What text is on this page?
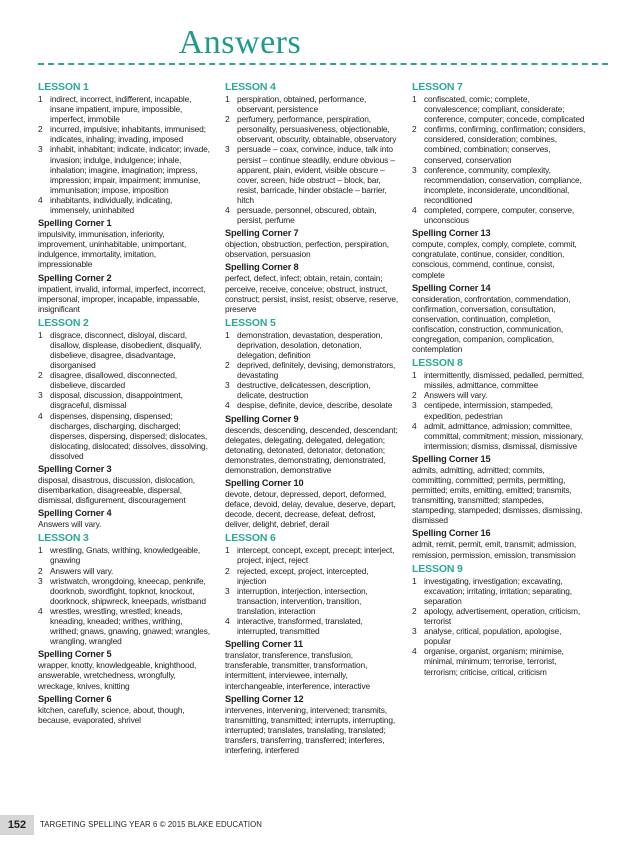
Answers
LESSON 1
1 indirect, incorrect, indifferent, incapable, insane impatient, impure, impossible, imperfect, immobile
2 incurred, impulsive; inhabitants, immunised; indicates, inhaling; invading, imposed
3 inhabit, inhabitant; indicate, indicator; invade, invasion; indulge, indulgence; inhale, inhalation; imagine, imagination; impress, impression; impair, impairment; immunise, immunisation; impose, imposition
4 inhabitants, individually, indicating, immensely, uninhabited
Spelling Corner 1
impulsivity, immunisation, inferiority, improvement, uninhabitable, unimportant, indulgence, immortality, imitation, impressionable
Spelling Corner 2
impatient, invalid, informal, imperfect, incorrect, impersonal, improper, incapable, impassable, insignificant
LESSON 2
1 disgrace, disconnect, disloyal, discard, disallow, displease, disobedient, disqualify, disbelieve, disagree, disadvantage, disorganised
2 disagree, disallowed, disconnected, disbelieve, discarded
3 disposal, discussion, disappointment, disgraceful, dismissal
4 dispenses, dispensing, dispensed; discharges, discharging, discharged; disperses, dispersing, dispersed; dislocates, dislocating, dislocated; dissolves, dissolving, dissolved
Spelling Corner 3
disposal, disastrous, discussion, dislocation, disembarkation, disagreeable, dispersal, dismissal, disfigurement, discouragement
Spelling Corner 4
Answers will vary.
LESSON 3
1 wrestling, Gnats, writhing, knowledgeable, gnawing
2 Answers will vary.
3 wristwatch, wrongdoing, kneecap, penknife, doorknob, swordfight, topknot, knockout, doorknock, shipwreck, kneepads, wristband
4 wrestles, wrestling, wrestled; kneads, kneading, kneaded; writhes, writhing, writhed; gnaws, gnawing, gnawed; wrangles, wrangling, wrangled
Spelling Corner 5
wrapper, knotty, knowledgeable, knighthood, answerable, wretchedness, wrongfully, wreckage, knives, knitting
Spelling Corner 6
kitchen, carefully, science, about, though, because, evaporated, shrivel
LESSON 4
1 perspiration, obtained, performance, observant, persistence
2 perfumery, performance, perspiration, personality, persuasiveness, objectionable, observant, obscurity, obtainable, observatory
3 persuade – coax, convince, induce, talk into persist – continue steadily, endure obvious – apparent, plain, evident, visible obscure – cover, screen, hide obstruct – block, bar, resist, barricade, hinder obstacle – barrier, hitch
4 persuade, personnel, obscured, obtain, persist, perfume
Spelling Corner 7
objection, obstruction, perfection, perspiration, observation, persuasion
Spelling Corner 8
perfect, defect, infect; obtain, retain, contain; perceive, receive, conceive; obstruct, instruct, construct; persist, insist, resist; observe, reserve, preserve
LESSON 5
1 demonstration, devastation, desperation, deprivation, desolation, detonation, delegation, definition
2 deprived, definitely, devising, demonstrators, devastating
3 destructive, delicatessen, description, delicate, destruction
4 despise, definite, device, describe, desolate
Spelling Corner 9
descends, descending, descended, descendant; delegates, delegating, delegated, delegation; detonating, detonated, detonator, detonation; demonstrates, demonstrating, demonstrated, demonstration, demonstrative
Spelling Corner 10
devote, detour, depressed, deport, deformed, deface, devoid, delay, devalue, deserve, depart, decode, decent, decrease, defeat, defrost, deliver, delight, debrief, derail
LESSON 6
1 intercept, concept, except, precept; interject, project, inject, reject
2 rejected, except, project, intercepted, injection
3 interruption, interjection, intersection, transaction, intervention, transition, translation, interaction
4 interactive, transformed, translated, interrupted, transmitted
Spelling Corner 11
translator, transference, transfusion, transferable, transmitter, transformation, intermittent, interviewee, internally, interchangeable, interference, interactive
Spelling Corner 12
intervenes, intervening, intervened; transmits, transmitting, transmitted; interrupts, interrupting, interrupted; translates, translating, translated; transfers, transferring, transferred; interferes, interfering, interfered
LESSON 7
1 confiscated, comic; complete, convalescence; compliant, considerate; conference, computer; concede, complicated
2 confirms, confirming, confirmation; considers, considered, consideration; combines, combined, combination; conserves, conserved, conservation
3 conference, community, complexity, recommendation, conservation, compliance, incomplete, inconsiderate, unconditional, reconditioned
4 completed, compere, computer, conserve, unconscious
Spelling Corner 13
compute, complex, comply, complete, commit, congratulate, continue, consider, condition, conscious, commend, continue, consist, complete
Spelling Corner 14
consideration, confrontation, commendation, confirmation, conversation, consultation, conservation, continuation, completion, confiscation, construction, communication, congregation, companion, complication, contemplation
LESSON 8
1 intermittently, dismissed, pedalled, permitted, missiles, admittance, committee
2 Answers will vary.
3 centipede, intermission, stampeded, expedition, pedestrian
4 admit, admittance, admission; committee, committal, commitment; mission, missionary, intermission; dismiss, dismissal, dismissive
Spelling Corner 15
admits, admitting, admitted; commits, committing, committed; permits, permitting, permitted; emits, emitting, emitted; transmits, transmitting, transmitted; stampedes, stampeding, stampeded; dismisses, dismissing, dismissed
Spelling Corner 16
admit, remit, permit, emit, transmit; admission, remission, permission, emission, transmission
LESSON 9
1 investigating, investigation; excavating, excavation; irritating, irritation; separating, separation
2 apology, advertisement, operation, criticism, terrorist
3 analyse, critical, population, apologise, popular
4 organise, organist, organism; minimise, minimal, minimum; terrorise, terrorist, terrorism; criticise, critical, criticism
152	TARGETING SPELLING YEAR 6 © 2015 BLAKE EDUCATION
